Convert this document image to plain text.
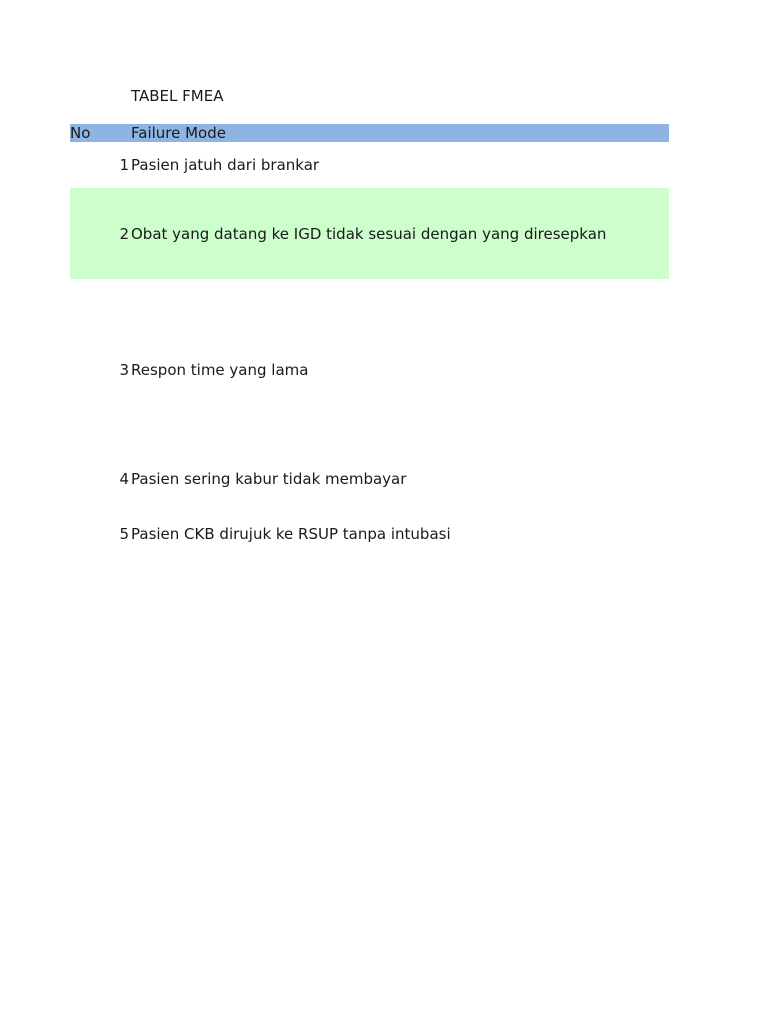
TABEL FMEA
No	Failure Mode
1 Pasien jatuh dari brankar
2 Obat yang datang ke IGD tidak sesuai dengan yang diresepkan
3 Respon time yang lama
4 Pasien sering kabur tidak membayar
5 Pasien CKB dirujuk ke RSUP tanpa intubasi
